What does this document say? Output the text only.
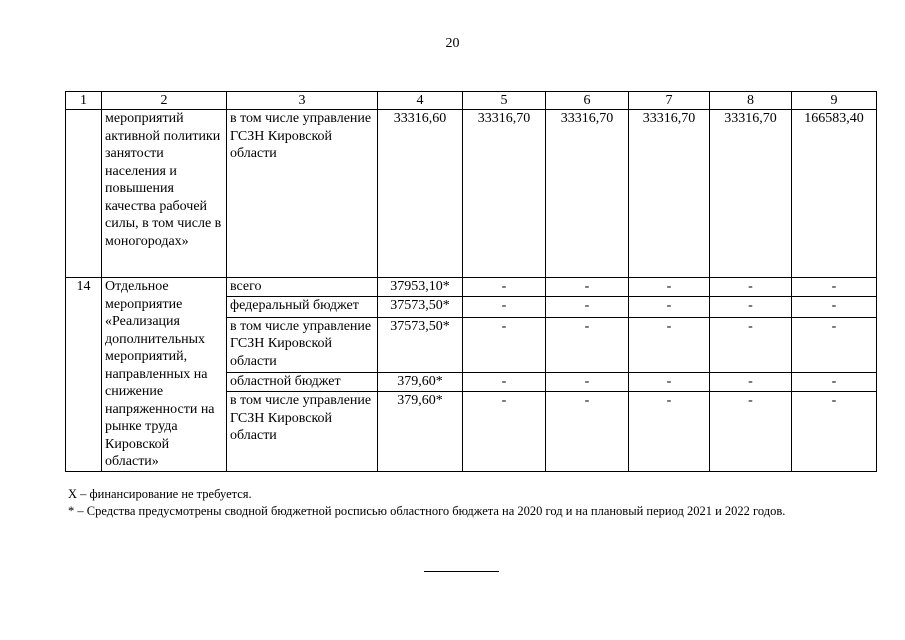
20
1	2	3	4	5	6	7	8	9
	мероприятий активной политики занятости населения и повышения качества рабочей силы, в том числе в моногородах»	в том числе управление ГСЗН Кировской области	33316,60	33316,70	33316,70	33316,70	33316,70	166583,40
14	Отдельное мероприятие «Реализация дополнительных мероприятий, направленных на снижение напряженности на рынке труда Кировской области»	всего	37953,10*	-	-	-	-	-
		федеральный бюджет	37573,50*	-	-	-	-	-
		в том числе управление ГСЗН Кировской области	37573,50*	-	-	-	-	-
		областной бюджет	379,60*	-	-	-	-	-
		в том числе управление ГСЗН Кировской области	379,60*	-	-	-	-	-
Х – финансирование не требуется.
* – Средства предусмотрены сводной бюджетной росписью областного бюджета на 2020 год и на плановый период 2021 и 2022 годов.
